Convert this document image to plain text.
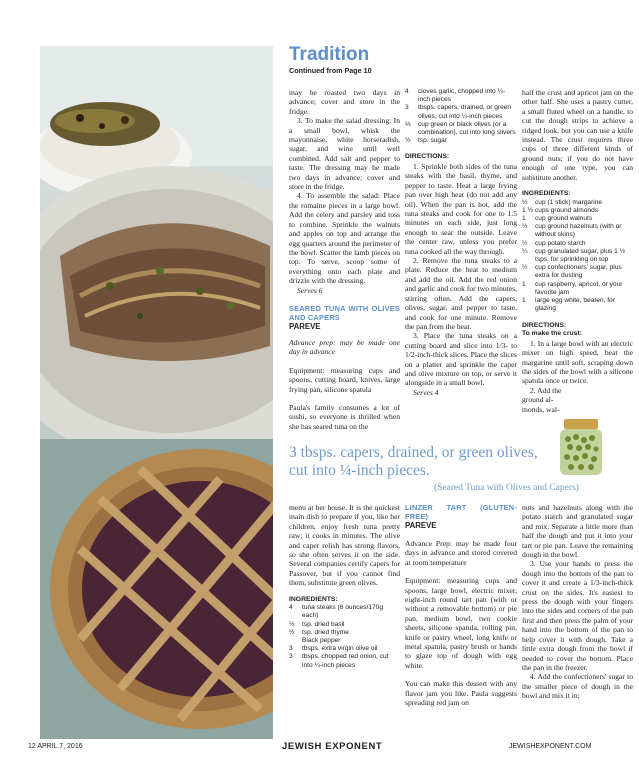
Tradition
Continued from Page 10

may be roasted two days in advance; cover and store in the fridge.

3. To make the salad dressing: In a small bowl, whisk the mayonnaise, white horseradish, sugar, and wine until well combined. Add salt and pepper to taste. The dressing may be made two days in advance; cover and store in the fridge.

4. To assemble the salad: Place the romaine pieces in a large bowl. Add the celery and parsley and toss to combine. Sprinkle the walnuts and apples on top and arrange the egg quarters around the perimeter of the bowl. Scatter the lamb pieces on top. To serve, scoop some of everything onto each plate and drizzle with the dressing.

Serves 6

SEARED TUNA WITH OLIVES AND CAPERS
PAREVE

Advance prep: may be made one day in advance

Equipment: measuring cups and spoons, cutting board, knives, large frying pan, silicone spatula

Paula's family consumes a lot of sushi, so everyone is thrilled when she has seared tuna on the

4	cloves garlic, chopped into ¼-inch pieces
3	tbsps. capers, drained, or green olives, cut into ¼-inch pieces
⅔	cup green or black olives (or a combination), cut into long slivers
½	tsp. sugar
DIRECTIONS:

1. Sprinkle both sides of the tuna steaks with the basil, thyme, and pepper to taste. Heat a large frying pan over high heat (do not add any oil). When the pan is hot, add the tuna steaks and cook for one to 1.5 minutes on each side, just long enough to sear the outside. Leave the center raw, unless you prefer tuna cooked all the way through.

2. Remove the tuna steaks to a plate. Reduce the heat to medium and add the oil. Add the red onion and garlic and cook for two minutes, stirring often. Add the capers, olives, sugar, and pepper to taste, and cook for one minute. Remove the pan from the heat.

3. Place the tuna steaks on a cutting board and slice into 1/3- to 1/2-inch-thick slices. Place the slices on a platter and sprinkle the caper and olive mixture on top, or serve it alongside in a small bowl.

Serves 4

half the crust and apricot jam on the other half. She uses a pastry cutter, a small fluted wheel on a handle, to cut the dough strips to achieve a ridged look, but you can use a knife instead. The crust requires three cups of three different kinds of ground nuts; if you do not have enough of one type, you can substitute another.

INGREDIENTS:
½	cup (1 stick) margarine
1 ½ cups ground almonds
1	cup ground walnuts
½	cup ground hazelnuts (with or without skins)
½	cup potato starch
¼	cup granulated sugar, plus 1 ½ tsps. for sprinkling on top
½	cup confectioners' sugar, plus extra for dusting
1	cup raspberry, apricot, or your favorite jam
1	large egg white, beaten, for glazing
DIRECTIONS:
To make the crust:

1. In a large bowl with an electric mixer on high speed, beat the margarine until soft, scraping down the sides of the bowl with a silicone spatula once or twice.

2. Add the

ground al-

monds, wal-

3 tbsps. capers, drained, or green olives, cut into ¼-inch pieces.
(Seared Tuna with Olives and Capers)

menu at her house. It is the quickest main dish to prepare if you, like her children, enjoy fresh tuna pretty raw; it cooks in minutes. The olive and caper relish has strong flavors, so she often serves it on the side. Several companies certify capers for Passover, but if you cannot find them, substitute green olives.

INGREDIENTS:
4	tuna steaks (6 ounces/170g each)
½	tsp. dried basil
½	tsp. dried thyme
Black pepper
3	tbsps. extra virgin olive oil
3	tbsps. chopped red onion, cut into ¼-inch pieces
LINZER TART (GLUTEN-FREE)
PAREVE

Advance Prep: may be made four days in advance and stored covered at room temperature

Equipment: measuring cups and spoons, large bowl, electric mixer, eight-inch round tart pan (with or without a removable bottom) or pie pan, medium bowl, two cookie sheets, silicone spatula, rolling pin, knife or pastry wheel, long knife or metal spatula, pastry brush or hands to glaze top of dough with egg white.

You can make this dessert with any flavor jam you like. Paula suggests spreading red jam on

nuts and hazelnuts along with the potato starch and granulated sugar and mix. Separate a little more than half the dough and put it into your tart or pie pan. Leave the remaining dough in the bowl.

3. Use your hands to press the dough into the bottom of the pan to cover it and create a 1/3-inch-thick crust on the sides. It's easiest to press the dough with your fingers into the sides and corners of the pan first and then press the palm of your hand into the bottom of the pan to help cover it with dough. Take a little extra dough from the bowl if needed to cover the bottom. Place the pan in the freezer.

4. Add the confectioners' sugar to the smaller piece of dough in the bowl and mix it in;

12 APRIL 7, 2016	JEWISH EXPONENT	JEWISHEXPONENT.COM
